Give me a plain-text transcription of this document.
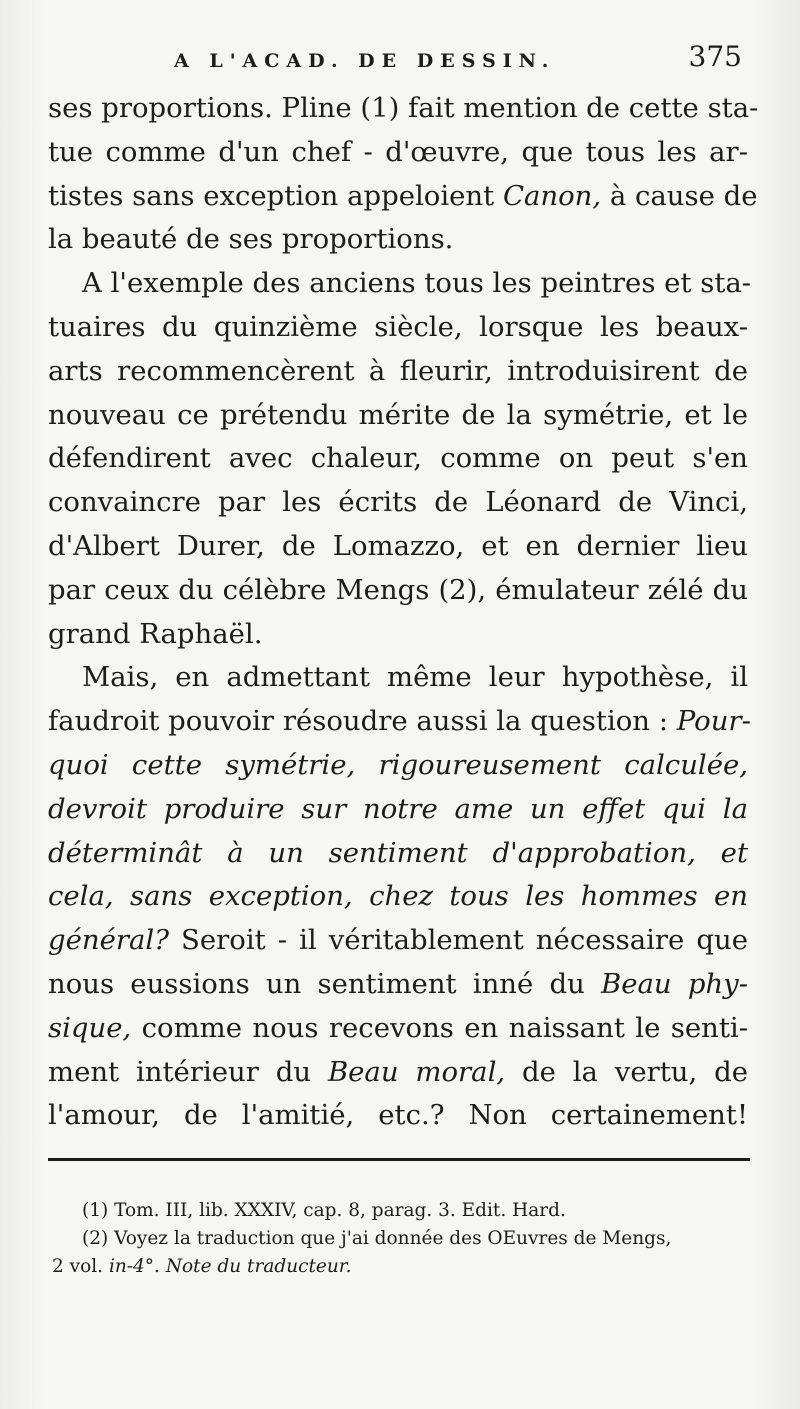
A L'ACAD. DE DESSIN.	375
ses proportions. Pline (1) fait mention de cette sta-
tue comme d'un chef - d'œuvre, que tous les ar-
tistes sans exception appeloient Canon, à cause de
la beauté de ses proportions.
A l'exemple des anciens tous les peintres et sta-
tuaires du quinzième siècle, lorsque les beaux-
arts recommencèrent à fleurir, introduisirent de
nouveau ce prétendu mérite de la symétrie, et le
défendirent avec chaleur, comme on peut s'en
convaincre par les écrits de Léonard de Vinci,
d'Albert Durer, de Lomazzo, et en dernier lieu
par ceux du célèbre Mengs (2), émulateur zélé du
grand Raphaël.
Mais, en admettant même leur hypothèse, il
faudroit pouvoir résoudre aussi la question : Pour-
quoi cette symétrie, rigoureusement calculée,
devroit produire sur notre ame un effet qui la
déterminât à un sentiment d'approbation, et
cela, sans exception, chez tous les hommes en
général? Seroit - il véritablement nécessaire que
nous eussions un sentiment inné du Beau phy-
sique, comme nous recevons en naissant le senti-
ment intérieur du Beau moral, de la vertu, de
l'amour, de l'amitié, etc.? Non certainement!
(1) Tom. III, lib. XXXIV, cap. 8, parag. 3. Edit. Hard.
(2) Voyez la traduction que j'ai donnée des OEuvres de Mengs,
2 vol. in-4°. Note du traducteur.
